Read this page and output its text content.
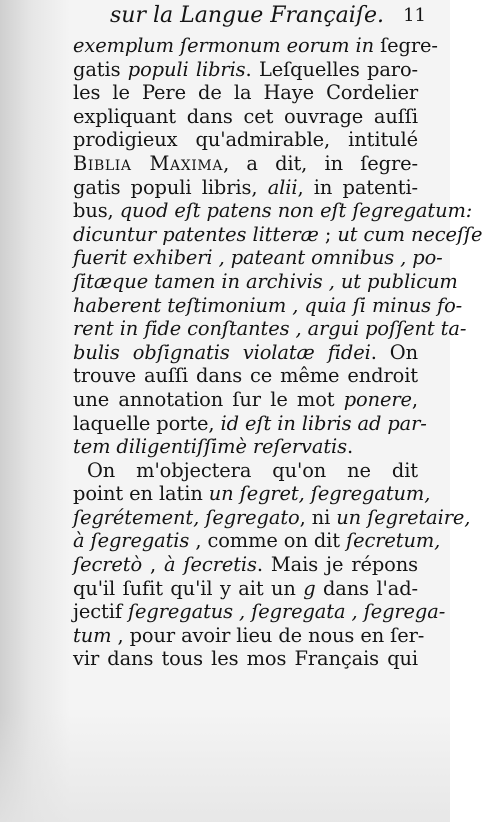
sur la Langue Françaiſe. 11
exemplum ſermonum eorum in ſegre-
gatis populi libris. Leſquelles paro-
les le Pere de la Haye Cordelier
expliquant dans cet ouvrage auſſi
prodigieux qu'admirable, intitulé
Biblia Maxima, a dit, in ſegre-
gatis populi libris, alii, in patenti-
bus, quod eſt patens non eſt ſegregatum:
dicuntur patentes litteræ ; ut cum neceſſe
fuerit exhiberi , pateant omnibus , po-
ſitæque tamen in archivis , ut publicum
haberent teſtimonium , quia ſi minus fo-
rent in fide conſtantes , argui poſſent ta-
bulis obſignatis violatæ fidei. On
trouve auſſi dans ce même endroit
une annotation ſur le mot ponere,
laquelle porte, id eſt in libris ad par-
tem diligentiſſimè reſervatis.
On m'objectera qu'on ne dit
point en latin un ſegret, ſegregatum,
ſegrétement, ſegregato, ni un ſegretaire,
à ſegregatis , comme on dit ſecretum,
ſecretò , à ſecretis. Mais je répons
qu'il ſufit qu'il y ait un g dans l'ad-
jectif ſegregatus , ſegregata , ſegrega-
tum , pour avoir lieu de nous en ſer-
vir dans tous les mos Français qui
